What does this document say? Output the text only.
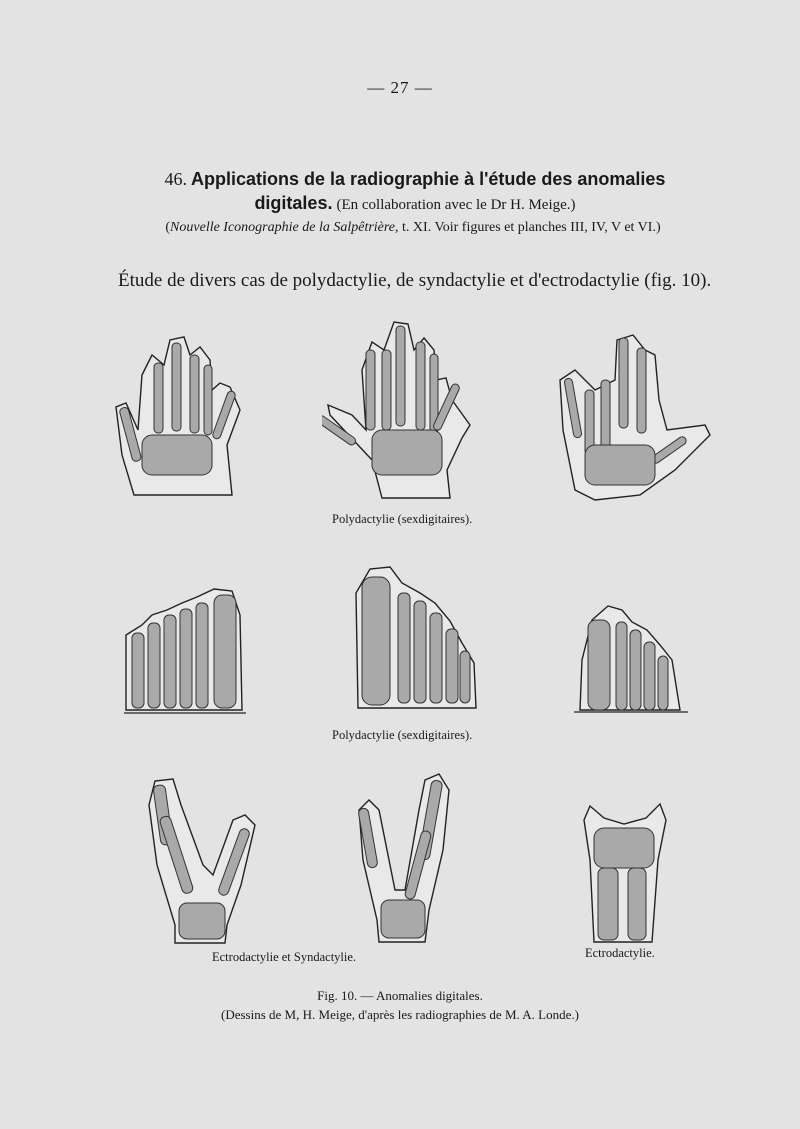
— 27 —
46. Applications de la radiographie à l'étude des anomalies digitales. (En collaboration avec le Dr H. Meige.)
(Nouvelle Iconographie de la Salpêtrière, t. XI. Voir figures et planches III, IV, V et VI.)
Étude de divers cas de polydactylie, de syndactylie et d'ectrodactylie (fig. 10).
Polydactylie (sexdigitaires).
Polydactylie (sexdigitaires).
Ectrodactylie et Syndactylie.	Ectrodactylie.
Fig. 10. — Anomalies digitales.
(Dessins de M, H. Meige, d'après les radiographies de M. A. Londe.)
